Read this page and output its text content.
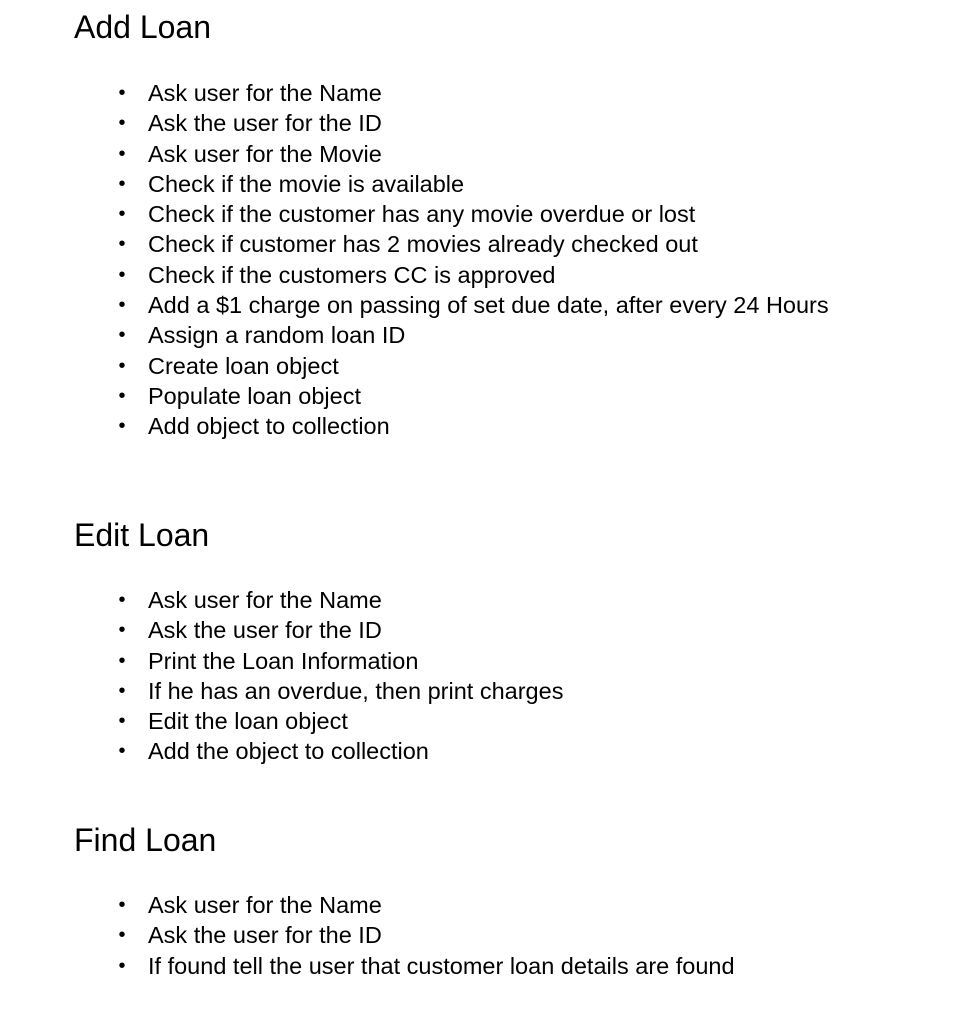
Add Loan
• Ask user for the Name
• Ask the user for the ID
• Ask user for the Movie
• Check if the movie is available
• Check if the customer has any movie overdue or lost
• Check if customer has 2 movies already checked out
• Check if the customers CC is approved
• Add a $1 charge on passing of set due date, after every 24 Hours
• Assign a random loan ID
• Create loan object
• Populate loan object
• Add object to collection
Edit Loan
• Ask user for the Name
• Ask the user for the ID
• Print the Loan Information
• If he has an overdue, then print charges
• Edit the loan object
• Add the object to collection
Find Loan
• Ask user for the Name
• Ask the user for the ID
• If found tell the user that customer loan details are found
